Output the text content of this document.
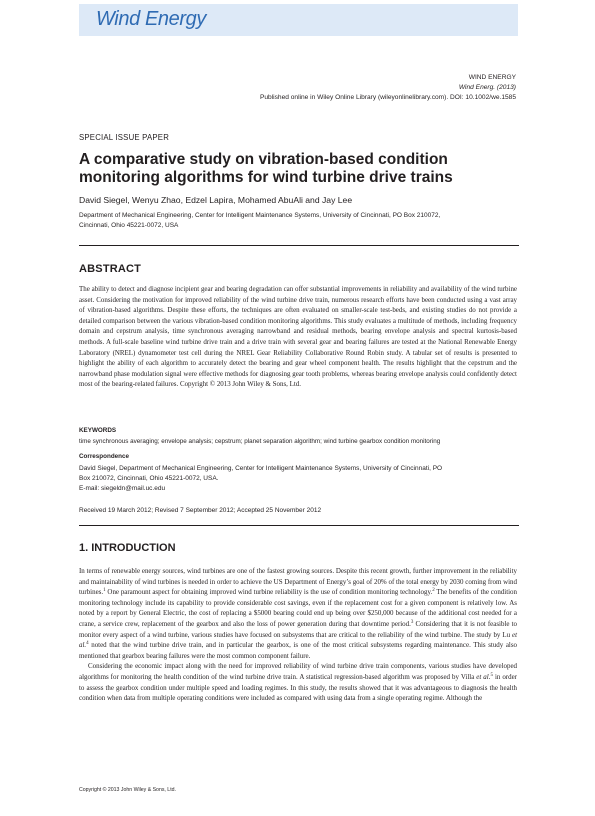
Wind Energy
WIND ENERGY
Wind Energ. (2013)
Published online in Wiley Online Library (wileyonlinelibrary.com). DOI: 10.1002/we.1585
SPECIAL ISSUE PAPER
A comparative study on vibration-based condition
monitoring algorithms for wind turbine drive trains
David Siegel, Wenyu Zhao, Edzel Lapira, Mohamed AbuAli and Jay Lee
Department of Mechanical Engineering, Center for Intelligent Maintenance Systems, University of Cincinnati, PO Box 210072,
Cincinnati, Ohio 45221-0072, USA
ABSTRACT
The ability to detect and diagnose incipient gear and bearing degradation can offer substantial improvements in reliability and availability of the wind turbine asset. Considering the motivation for improved reliability of the wind turbine drive train, numerous research efforts have been conducted using a vast array of vibration-based algorithms. Despite these efforts, the techniques are often evaluated on smaller-scale test-beds, and existing studies do not provide a detailed comparison between the various vibration-based condition monitoring algorithms. This study evaluates a multitude of methods, including frequency domain and cepstrum analysis, time synchronous averaging narrowband and residual methods, bearing envelope analysis and spectral kurtosis-based methods. A full-scale baseline wind turbine drive train and a drive train with several gear and bearing failures are tested at the National Renewable Energy Laboratory (NREL) dynamometer test cell during the NREL Gear Reliability Collaborative Round Robin study. A tabular set of results is presented to highlight the ability of each algorithm to accurately detect the bearing and gear wheel component health. The results highlight that the cepstrum and the narrowband phase modulation signal were effective methods for diagnosing gear tooth problems, whereas bearing envelope analysis could confidently detect most of the bearing-related failures. Copyright © 2013 John Wiley & Sons, Ltd.
KEYWORDS
time synchronous averaging; envelope analysis; cepstrum; planet separation algorithm; wind turbine gearbox condition monitoring
Correspondence
David Siegel, Department of Mechanical Engineering, Center for Intelligent Maintenance Systems, University of Cincinnati, PO
Box 210072, Cincinnati, Ohio 45221-0072, USA.
E-mail: siegeldn@mail.uc.edu
Received 19 March 2012; Revised 7 September 2012; Accepted 25 November 2012
1. INTRODUCTION

In terms of renewable energy sources, wind turbines are one of the fastest growing sources. Despite this recent growth, further improvement in the reliability and maintainability of wind turbines is needed in order to achieve the US Department of Energy’s goal of 20% of the total energy by 2030 coming from wind turbines.$^1$ One paramount aspect for obtaining improved wind turbine reliability is the use of condition monitoring technology.$^2$ The benefits of the condition monitoring technology include its capability to provide considerable cost savings, even if the replacement cost for a given component is relatively low. As noted by a report by General Electric, the cost of replacing a $5000 bearing could end up being over $250,000 because of the additional cost needed for a crane, a service crew, replacement of the gearbox and also the loss of power generation during that downtime period.$^3$ Considering that it is not feasible to monitor every aspect of a wind turbine, various studies have focused on subsystems that are critical to the reliability of the wind turbine. The study by Lu et al.$^4$ noted that the wind turbine drive train, and in particular the gearbox, is one of the most critical subsystems regarding maintenance. This study also mentioned that gearbox bearing failures were the most common component failure.

Considering the economic impact along with the need for improved reliability of wind turbine drive train components, various studies have developed algorithms for monitoring the health condition of the wind turbine drive train. A statistical regression-based algorithm was proposed by Villa et al.$^5$ in order to assess the gearbox condition under multiple speed and loading regimes. In this study, the results showed that it was advantageous to diagnosis the health condition when data from multiple operating conditions were included as compared with using data from a single operating regime. Although the

Copyright © 2013 John Wiley & Sons, Ltd.
